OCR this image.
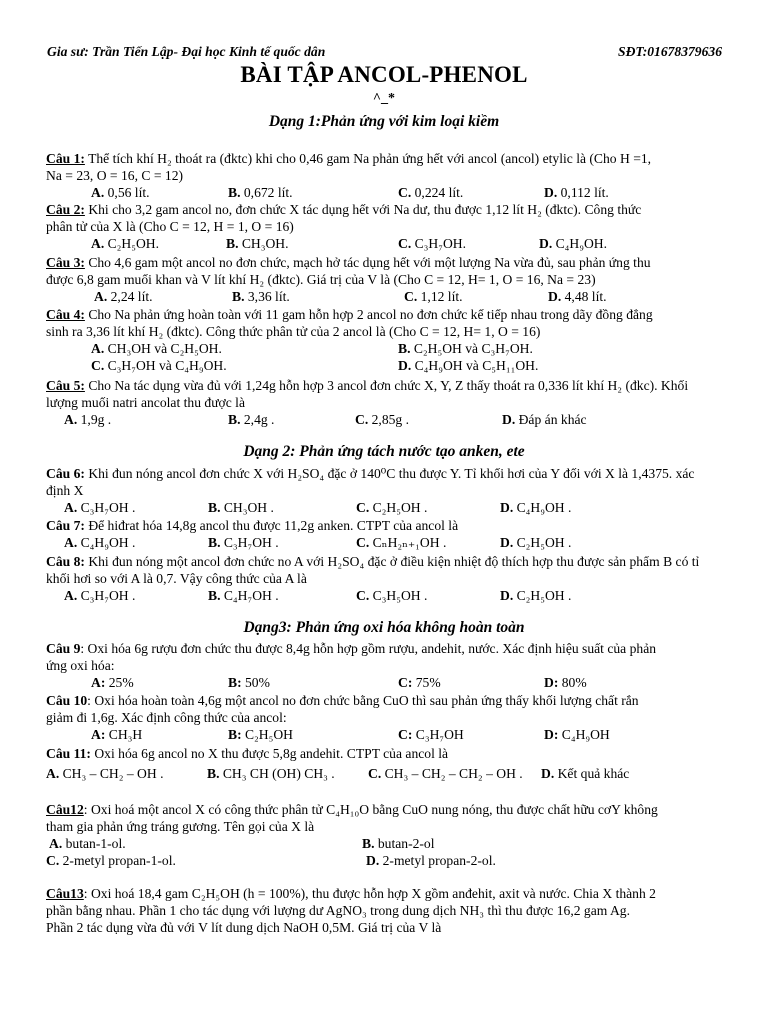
Gia sư: Trần Tiến Lập- Đại học Kinh tế quốc dân	SĐT:01678379636
BÀI TẬP ANCOL-PHENOL
^_*
Dạng 1:Phản ứng với kim loại kiềm
Câu 1: Thể tích khí H₂ thoát ra (đktc) khi cho 0,46 gam Na phản ứng hết với ancol (ancol) etylic là (Cho H =1,
Na = 23, O = 16, C = 12)
A. 0,56 lít.	B. 0,672 lít.	C. 0,224 lít.	D. 0,112 lít.
Câu 2: Khi cho 3,2 gam ancol no, đơn chức X tác dụng hết với Na dư, thu được 1,12 lít H₂ (đktc). Công thức
phân tử của X là (Cho C = 12, H = 1, O = 16)
A. C₂H₅OH.	B. CH₃OH.	C. C₃H₇OH.	D. C₄H₉OH.
Câu 3: Cho 4,6 gam một ancol no đơn chức, mạch hở tác dụng hết với một lượng Na vừa đủ, sau phản ứng thu
được 6,8 gam muối khan và V lít khí H₂ (đktc). Giá trị của V là (Cho C = 12, H= 1, O = 16, Na = 23)
A. 2,24 lít.	B. 3,36 lít.	C. 1,12 lít.	D. 4,48 lít.
Câu 4: Cho Na phản ứng hoàn toàn với 11 gam hỗn hợp 2 ancol no đơn chức kế tiếp nhau trong dãy đồng đẳng
sinh ra 3,36 lít khí H₂ (đktc). Công thức phân tử của 2 ancol là (Cho C = 12, H= 1, O = 16)
A. CH₃OH và C₂H₅OH.	B. C₂H₅OH và C₃H₇OH.
C. C₃H₇OH và C₄H₉OH.	D. C₄H₉OH và C₅H₁₁OH.
Câu 5: Cho Na tác dụng vừa đủ với 1,24g hỗn hợp 3 ancol đơn chức X, Y, Z thấy thoát ra 0,336 lít khí H₂ (đkc). Khối
lượng muối natri ancolat thu được là
A. 1,9g .	B. 2,4g .	C. 2,85g .	D. Đáp án khác
Dạng 2: Phản ứng tách nước tạo anken, ete
Câu 6: Khi đun nóng ancol đơn chức X với H₂SO₄ đặc ở 140⁰C thu được Y. Tỉ khối hơi của Y đối với X là 1,4375. xác
định X
A. C₃H₇OH .	B. CH₃OH .	C. C₂H₅OH .	D. C₄H₉OH .
Câu 7: Để hiđrat hóa 14,8g ancol thu được 11,2g anken. CTPT của ancol là
A. C₄H₉OH .	B. C₃H₇OH .	C. CₙH₂ₙ₊₁OH .	D. C₂H₅OH .
Câu 8: Khi đun nóng một ancol đơn chức no A với H₂SO₄ đặc ở điều kiện nhiệt độ thích hợp thu được sản phẩm B có tỉ
khối hơi so với A là 0,7. Vậy công thức của A là
A. C₃H₇OH .	B. C₄H₇OH .	C. C₃H₅OH .	D. C₂H₅OH .
Dạng3: Phản ứng oxi hóa không hoàn toàn
Câu 9: Oxi hóa 6g rượu đơn chức thu được 8,4g hỗn hợp gồm rượu, andehit, nước. Xác định hiệu suất của phản
ứng oxi hóa:
A: 25%	B: 50%	C: 75%	D: 80%
Câu 10: Oxi hóa hoàn toàn 4,6g một ancol no đơn chức bằng CuO thì sau phản ứng thấy khối lượng chất rắn
giảm đi 1,6g. Xác định công thức của ancol:
A: CH₃H	B: C₂H₅OH	C: C₃H₇OH	D: C₄H₉OH
Câu 11: Oxi hóa 6g ancol no X thu được 5,8g andehit. CTPT của ancol là
A. CH₃ – CH₂ – OH .	B. CH₃ CH (OH) CH₃ . C. CH₃ – CH₂ – CH₂ – OH . D. Kết quả khác
Câu12: Oxi hoá một ancol X có công thức phân tử C₄H₁₀O bằng CuO nung nóng, thu được chất hữu cơY không
tham gia phản ứng tráng gương. Tên gọi của X là
A. butan-1-ol.	B. butan-2-ol
C. 2-metyl propan-1-ol.	D. 2-metyl propan-2-ol.
Câu13: Oxi hoá 18,4 gam C₂H₅OH (h = 100%), thu được hỗn hợp X gồm anđehit, axit và nước. Chia X thành 2
phần bằng nhau. Phần 1 cho tác dụng với lượng dư AgNO₃ trong dung dịch NH₃ thì thu được 16,2 gam Ag.
Phần 2 tác dụng vừa đủ với V lít dung dịch NaOH 0,5M. Giá trị của V là
